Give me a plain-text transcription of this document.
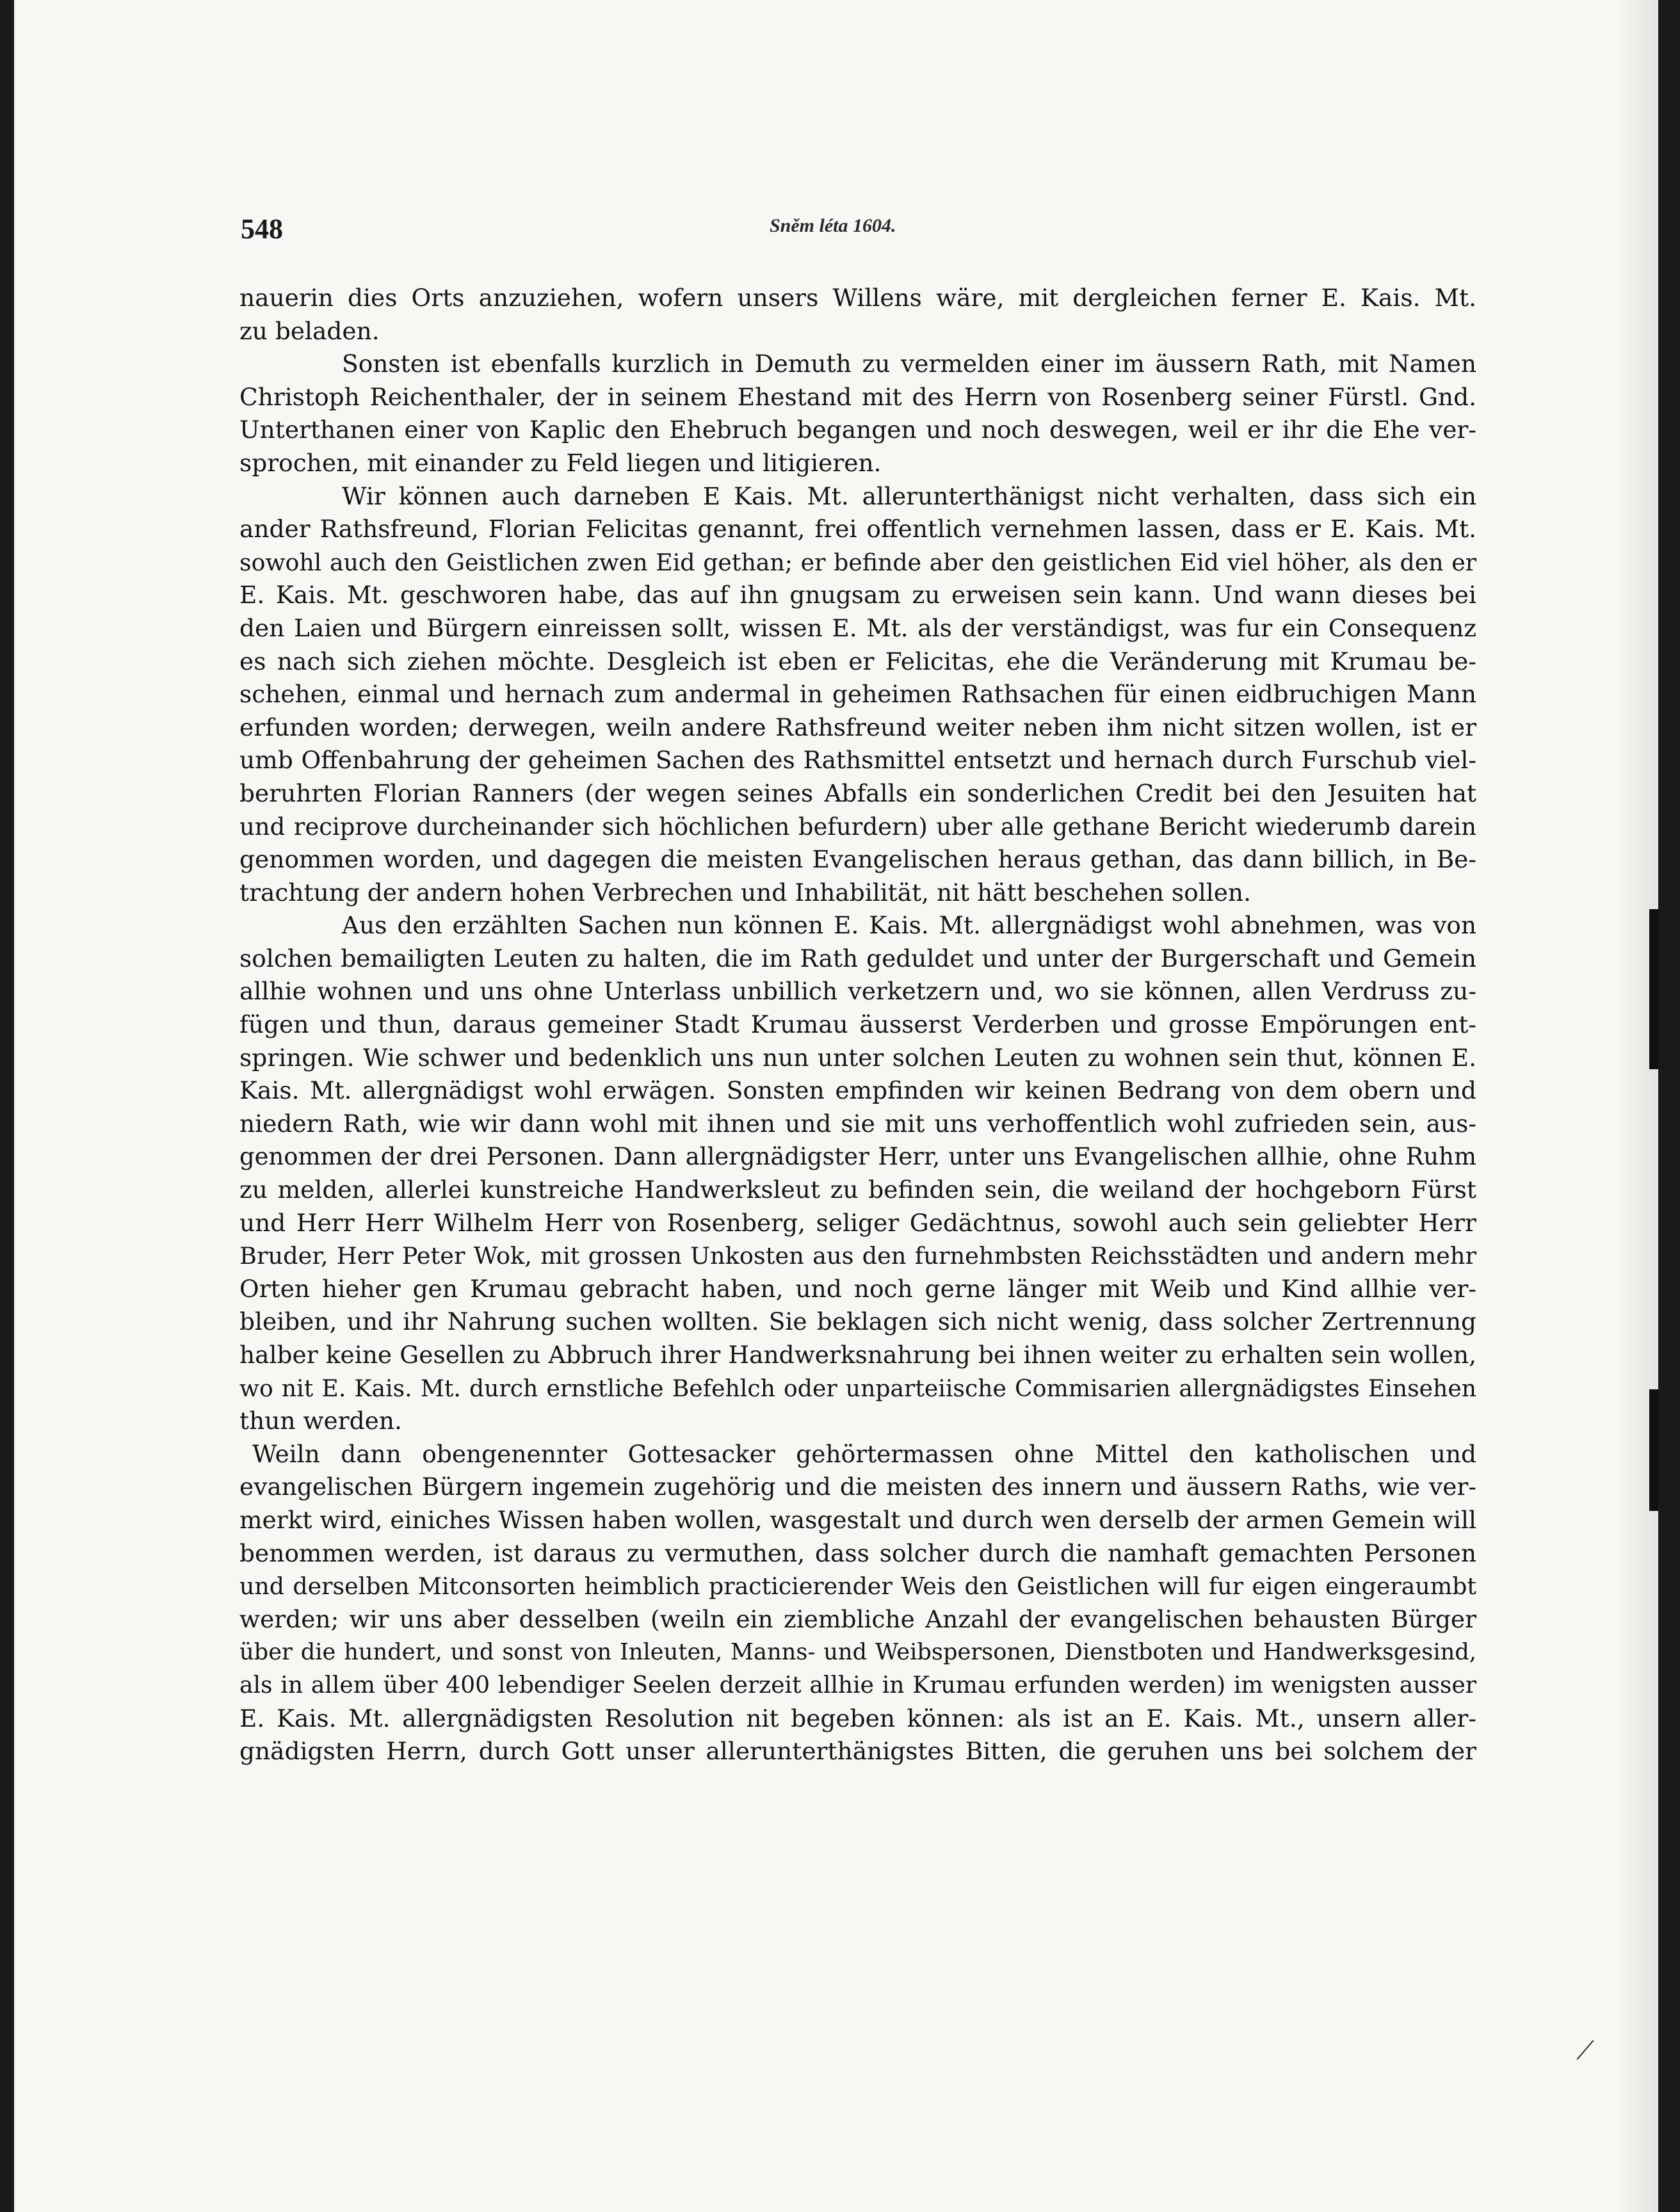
548	Sněm léta 1604.
nauerin dies Orts anzuziehen, wofern unsers Willens wäre, mit dergleichen ferner E. Kais. Mt.
zu beladen.
Sonsten ist ebenfalls kurzlich in Demuth zu vermelden einer im äussern Rath, mit Namen
Christoph Reichenthaler, der in seinem Ehestand mit des Herrn von Rosenberg seiner Fürstl. Gnd.
Unterthanen einer von Kaplic den Ehebruch begangen und noch deswegen, weil er ihr die Ehe ver-
sprochen, mit einander zu Feld liegen und litigieren.
Wir können auch darneben E Kais. Mt. allerunterthänigst nicht verhalten, dass sich ein
ander Rathsfreund, Florian Felicitas genannt, frei offentlich vernehmen lassen, dass er E. Kais. Mt.
sowohl auch den Geistlichen zwen Eid gethan; er befinde aber den geistlichen Eid viel höher, als den er
E. Kais. Mt. geschworen habe, das auf ihn gnugsam zu erweisen sein kann. Und wann dieses bei
den Laien und Bürgern einreissen sollt, wissen E. Mt. als der verständigst, was fur ein Consequenz
es nach sich ziehen möchte. Desgleich ist eben er Felicitas, ehe die Veränderung mit Krumau be-
schehen, einmal und hernach zum andermal in geheimen Rathsachen für einen eidbruchigen Mann
erfunden worden; derwegen, weiln andere Rathsfreund weiter neben ihm nicht sitzen wollen, ist er
umb Offenbahrung der geheimen Sachen des Rathsmittel entsetzt und hernach durch Furschub viel-
beruhrten Florian Ranners (der wegen seines Abfalls ein sonderlichen Credit bei den Jesuiten hat
und reciprove durcheinander sich höchlichen befurdern) uber alle gethane Bericht wiederumb darein
genommen worden, und dagegen die meisten Evangelischen heraus gethan, das dann billich, in Be-
trachtung der andern hohen Verbrechen und Inhabilität, nit hätt beschehen sollen.
Aus den erzählten Sachen nun können E. Kais. Mt. allergnädigst wohl abnehmen, was von
solchen bemailigten Leuten zu halten, die im Rath geduldet und unter der Burgerschaft und Gemein
allhie wohnen und uns ohne Unterlass unbillich verketzern und, wo sie können, allen Verdruss zu-
fügen und thun, daraus gemeiner Stadt Krumau äusserst Verderben und grosse Empörungen ent-
springen. Wie schwer und bedenklich uns nun unter solchen Leuten zu wohnen sein thut, können E.
Kais. Mt. allergnädigst wohl erwägen. Sonsten empfinden wir keinen Bedrang von dem obern und
niedern Rath, wie wir dann wohl mit ihnen und sie mit uns verhoffentlich wohl zufrieden sein, aus-
genommen der drei Personen. Dann allergnädigster Herr, unter uns Evangelischen allhie, ohne Ruhm
zu melden, allerlei kunstreiche Handwerksleut zu befinden sein, die weiland der hochgeborn Fürst
und Herr Herr Wilhelm Herr von Rosenberg, seliger Gedächtnus, sowohl auch sein geliebter Herr
Bruder, Herr Peter Wok, mit grossen Unkosten aus den furnehmbsten Reichsstädten und andern mehr
Orten hieher gen Krumau gebracht haben, und noch gerne länger mit Weib und Kind allhie ver-
bleiben, und ihr Nahrung suchen wollten. Sie beklagen sich nicht wenig, dass solcher Zertrennung
halber keine Gesellen zu Abbruch ihrer Handwerksnahrung bei ihnen weiter zu erhalten sein wollen,
wo nit E. Kais. Mt. durch ernstliche Befehlch oder unparteiische Commisarien allergnädigstes Einsehen
thun werden.
Weiln dann obengenennter Gottesacker gehörtermassen ohne Mittel den katholischen und
evangelischen Bürgern ingemein zugehörig und die meisten des innern und äussern Raths, wie ver-
merkt wird, einiches Wissen haben wollen, wasgestalt und durch wen derselb der armen Gemein will
benommen werden, ist daraus zu vermuthen, dass solcher durch die namhaft gemachten Personen
und derselben Mitconsorten heimblich practicierender Weis den Geistlichen will fur eigen eingeraumbt
werden; wir uns aber desselben (weiln ein ziembliche Anzahl der evangelischen behausten Bürger
über die hundert, und sonst von Inleuten, Manns- und Weibspersonen, Dienstboten und Handwerksgesind,
als in allem über 400 lebendiger Seelen derzeit allhie in Krumau erfunden werden) im wenigsten ausser
E. Kais. Mt. allergnädigsten Resolution nit begeben können: als ist an E. Kais. Mt., unsern aller-
gnädigsten Herrn, durch Gott unser allerunterthänigstes Bitten, die geruhen uns bei solchem der
⟋
